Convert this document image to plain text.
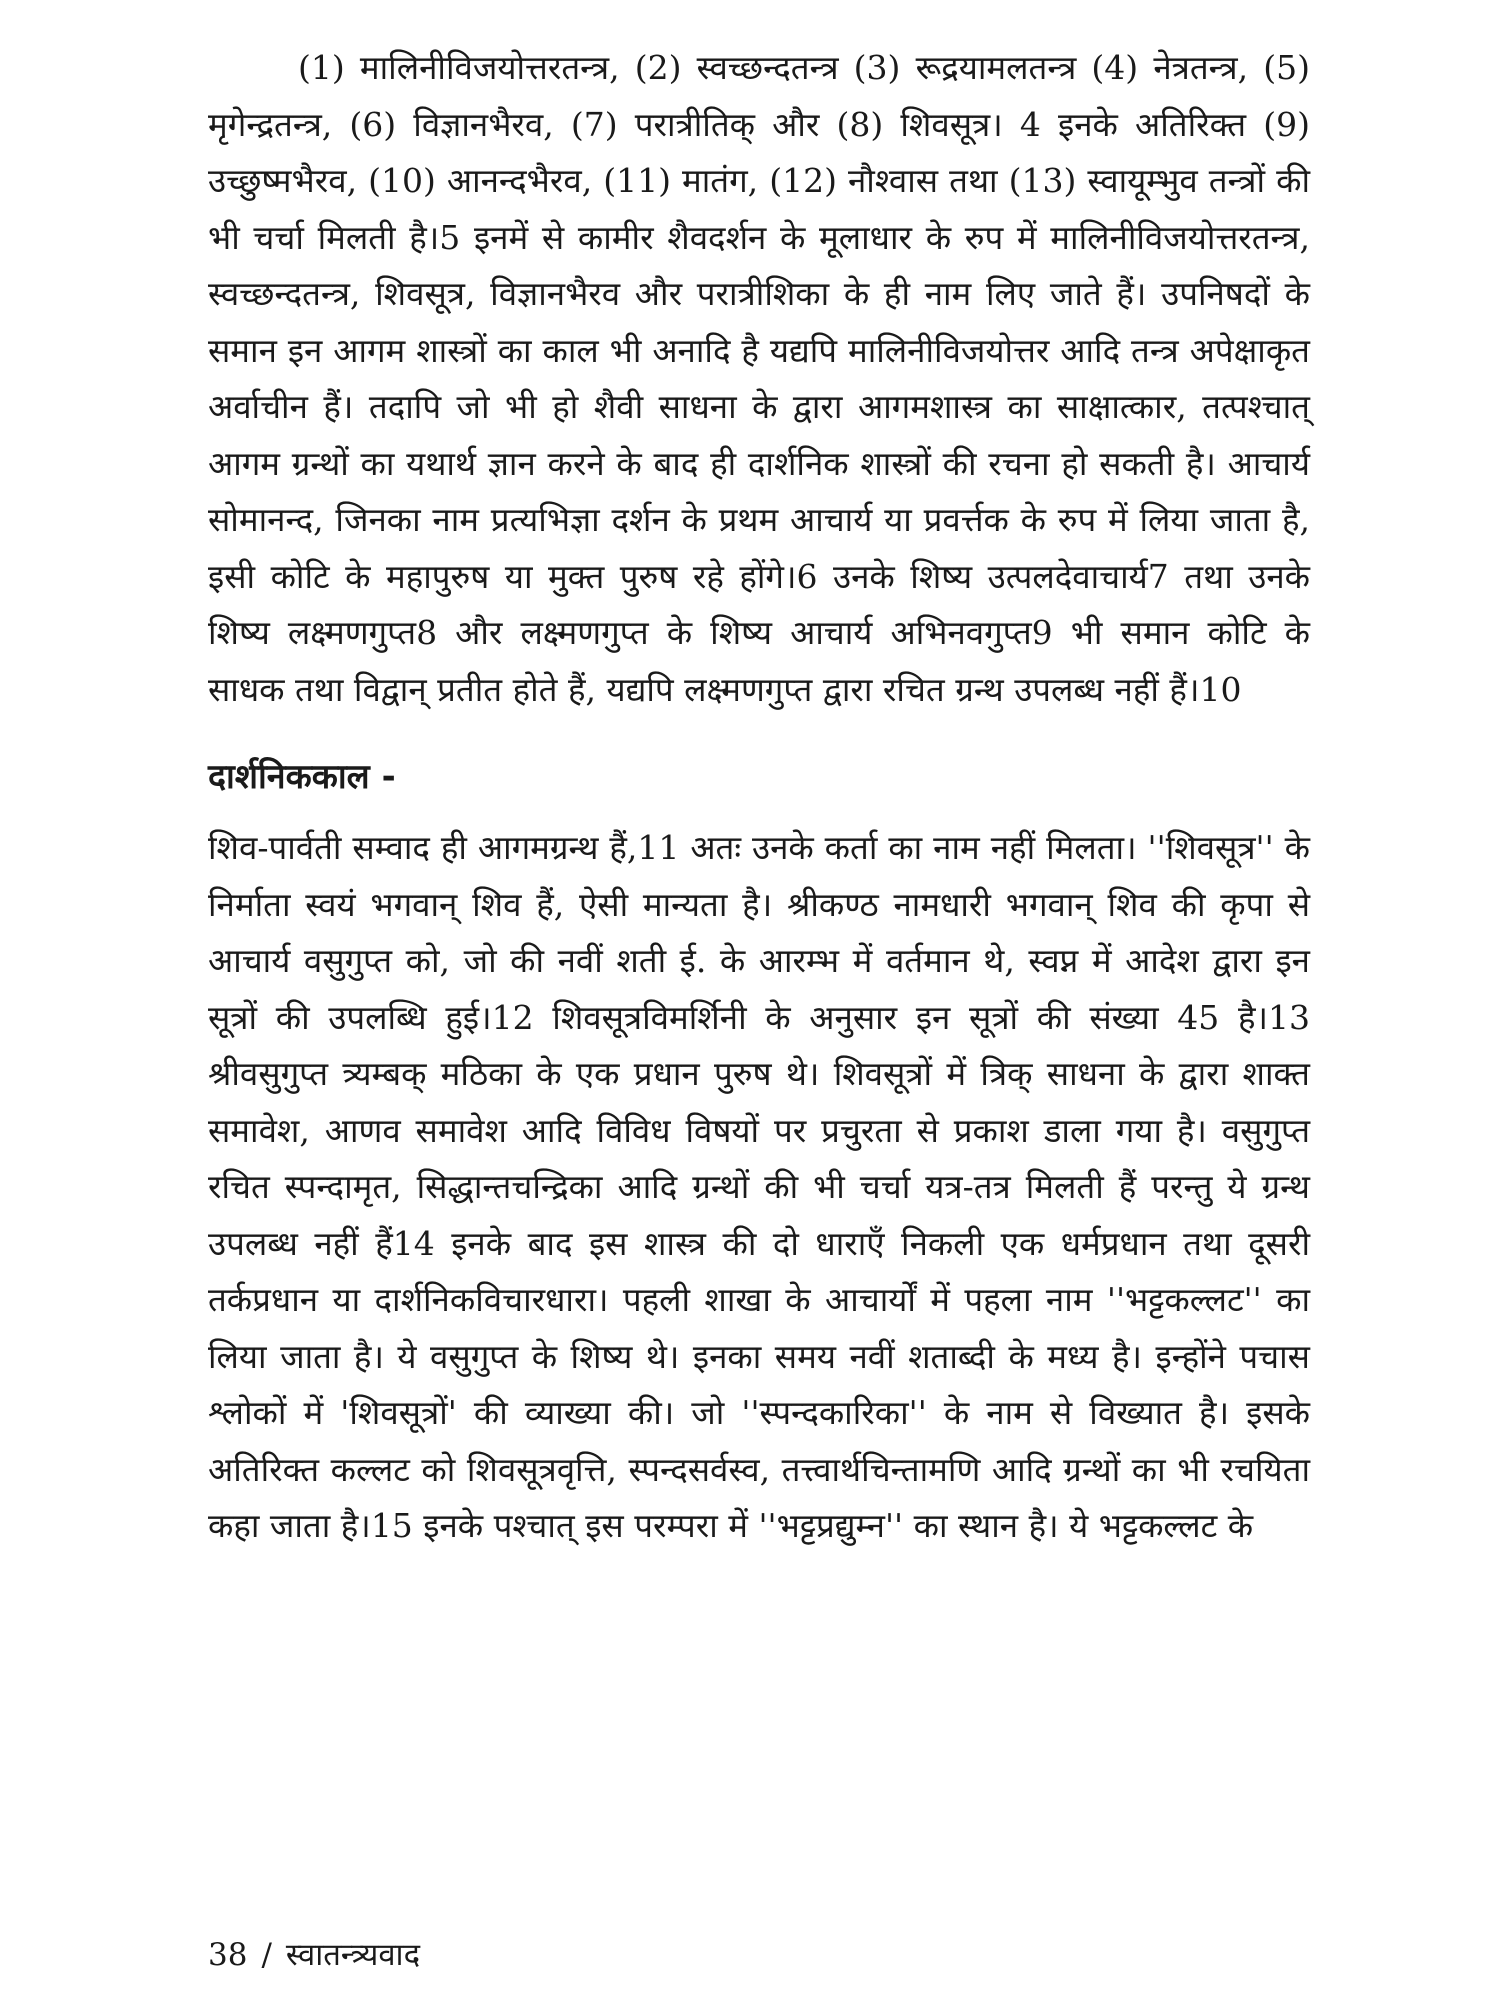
(1) मालिनीविजयोत्तरतन्त्र, (2) स्वच्छन्दतन्त्र (3) रूद्रयामलतन्त्र (4) नेत्रतन्त्र, (5) मृगेन्द्रतन्त्र, (6) विज्ञानभैरव, (7) परात्रीतिक् और (8) शिवसूत्र। 4 इनके अतिरिक्त (9) उच्छुष्मभैरव, (10) आनन्दभैरव, (11) मातंग, (12) नौश्वास तथा (13) स्वायूम्भुव तन्त्रों की भी चर्चा मिलती है।5 इनमें से कामीर शैवदर्शन के मूलाधार के रुप में मालिनीविजयोत्तरतन्त्र, स्वच्छन्दतन्त्र, शिवसूत्र, विज्ञानभैरव और परात्रीशिका के ही नाम लिए जाते हैं। उपनिषदों के समान इन आगम शास्त्रों का काल भी अनादि है यद्यपि मालिनीविजयोत्तर आदि तन्त्र अपेक्षाकृत अर्वाचीन हैं। तदापि जो भी हो शैवी साधना के द्वारा आगमशास्त्र का साक्षात्कार, तत्पश्चात् आगम ग्रन्थों का यथार्थ ज्ञान करने के बाद ही दार्शनिक शास्त्रों की रचना हो सकती है। आचार्य सोमानन्द, जिनका नाम प्रत्यभिज्ञा दर्शन के प्रथम आचार्य या प्रवर्त्तक के रुप में लिया जाता है, इसी कोटि के महापुरुष या मुक्त पुरुष रहे होंगे।6 उनके शिष्य उत्पलदेवाचार्य7 तथा उनके शिष्य लक्ष्मणगुप्त8 और लक्ष्मणगुप्त के शिष्य आचार्य अभिनवगुप्त9 भी समान कोटि के साधक तथा विद्वान् प्रतीत होते हैं, यद्यपि लक्ष्मणगुप्त द्वारा रचित ग्रन्थ उपलब्ध नहीं हैं।10

दार्शनिककाल -

शिव-पार्वती सम्वाद ही आगमग्रन्थ हैं,11 अतः उनके कर्ता का नाम नहीं मिलता। ''शिवसूत्र'' के निर्माता स्वयं भगवान् शिव हैं, ऐसी मान्यता है। श्रीकण्ठ नामधारी भगवान् शिव की कृपा से आचार्य वसुगुप्त को, जो की नवीं शती ई. के आरम्भ में वर्तमान थे, स्वप्न में आदेश द्वारा इन सूत्रों की उपलब्धि हुई।12 शिवसूत्रविमर्शिनी के अनुसार इन सूत्रों की संख्या 45 है।13 श्रीवसुगुप्त त्र्यम्बक् मठिका के एक प्रधान पुरुष थे। शिवसूत्रों में त्रिक् साधना के द्वारा शाक्त समावेश, आणव समावेश आदि विविध विषयों पर प्रचुरता से प्रकाश डाला गया है। वसुगुप्त रचित स्पन्दामृत, सिद्धान्तचन्द्रिका आदि ग्रन्थों की भी चर्चा यत्र-तत्र मिलती हैं परन्तु ये ग्रन्थ उपलब्ध नहीं हैं14 इनके बाद इस शास्त्र की दो धाराएँ निकली एक धर्मप्रधान तथा दूसरी तर्कप्रधान या दार्शनिकविचारधारा। पहली शाखा के आचार्यों में पहला नाम ''भट्टकल्लट'' का लिया जाता है। ये वसुगुप्त के शिष्य थे। इनका समय नवीं शताब्दी के मध्य है। इन्होंने पचास श्लोकों में 'शिवसूत्रों' की व्याख्या की। जो ''स्पन्दकारिका'' के नाम से विख्यात है। इसके अतिरिक्त कल्लट को शिवसूत्रवृत्ति, स्पन्दसर्वस्व, तत्त्वार्थचिन्तामणि आदि ग्रन्थों का भी रचयिता कहा जाता है।15 इनके पश्चात् इस परम्परा में ''भट्टप्रद्युम्न'' का स्थान है। ये भट्टकल्लट के

38 / स्वातन्त्र्यवाद
